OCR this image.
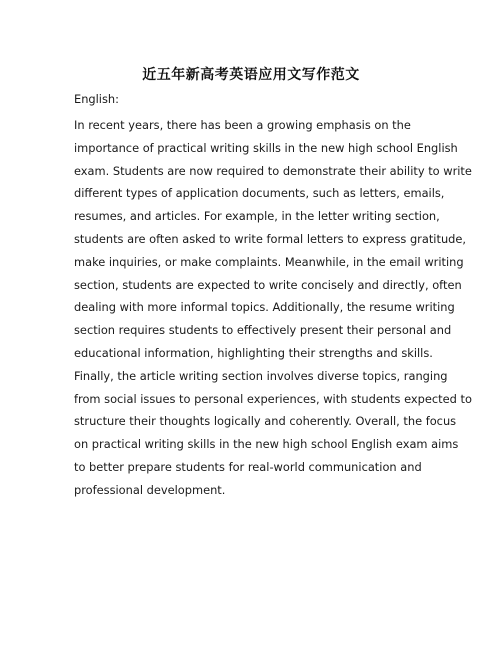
近五年新高考英语应用文写作范文
English:
In recent years, there has been a growing emphasis on the
importance of practical writing skills in the new high school English
exam. Students are now required to demonstrate their ability to write
different types of application documents, such as letters, emails,
resumes, and articles. For example, in the letter writing section,
students are often asked to write formal letters to express gratitude,
make inquiries, or make complaints. Meanwhile, in the email writing
section, students are expected to write concisely and directly, often
dealing with more informal topics. Additionally, the resume writing
section requires students to effectively present their personal and
educational information, highlighting their strengths and skills.
Finally, the article writing section involves diverse topics, ranging
from social issues to personal experiences, with students expected to
structure their thoughts logically and coherently. Overall, the focus
on practical writing skills in the new high school English exam aims
to better prepare students for real-world communication and
professional development.
